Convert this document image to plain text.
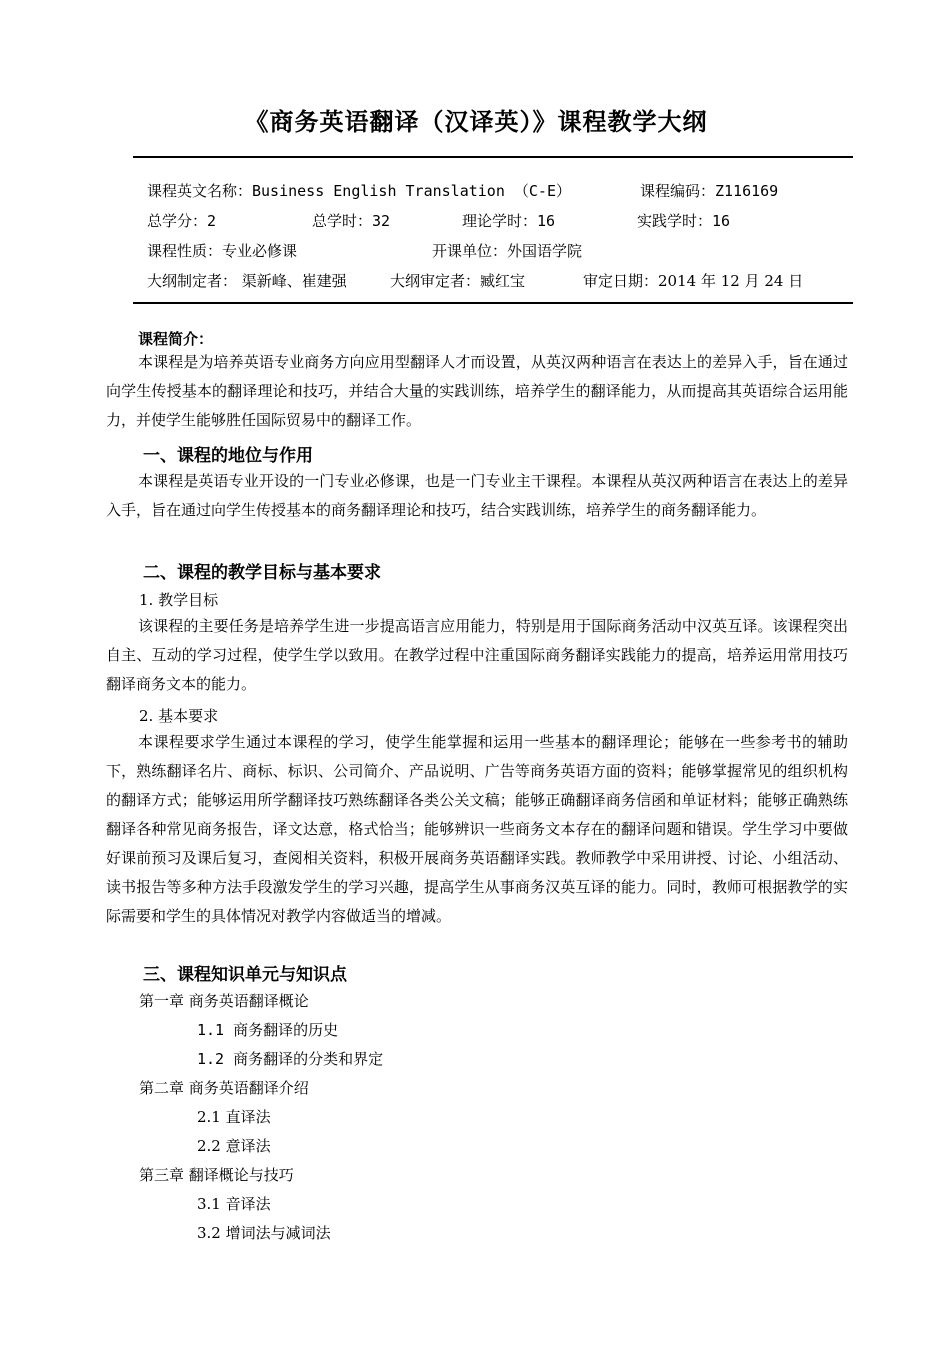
《商务英语翻译（汉译英）》课程教学大纲
课程英文名称：Business English Translation （C-E）	课程编码：Z116169
总学分：2	总学时：32	理论学时：16	实践学时：16
课程性质：专业必修课	开课单位：外国语学院
大纲制定者： 渠新峰、崔建强	大纲审定者：臧红宝	审定日期：2014 年 12 月 24 日
课程简介：

本课程是为培养英语专业商务方向应用型翻译人才而设置，从英汉两种语言在表达上的差异入手，旨在通过向学生传授基本的翻译理论和技巧，并结合大量的实践训练，培养学生的翻译能力，从而提高其英语综合运用能力，并使学生能够胜任国际贸易中的翻译工作。

一、课程的地位与作用

本课程是英语专业开设的一门专业必修课，也是一门专业主干课程。本课程从英汉两种语言在表达上的差异入手，旨在通过向学生传授基本的商务翻译理论和技巧，结合实践训练，培养学生的商务翻译能力。

二、课程的教学目标与基本要求
1. 教学目标

该课程的主要任务是培养学生进一步提高语言应用能力，特别是用于国际商务活动中汉英互译。该课程突出自主、互动的学习过程，使学生学以致用。在教学过程中注重国际商务翻译实践能力的提高，培养运用常用技巧翻译商务文本的能力。

2. 基本要求

本课程要求学生通过本课程的学习，使学生能掌握和运用一些基本的翻译理论；能够在一些参考书的辅助下，熟练翻译名片、商标、标识、公司简介、产品说明、广告等商务英语方面的资料；能够掌握常见的组织机构的翻译方式；能够运用所学翻译技巧熟练翻译各类公关文稿；能够正确翻译商务信函和单证材料；能够正确熟练翻译各种常见商务报告，译文达意，格式恰当；能够辨识一些商务文本存在的翻译问题和错误。学生学习中要做好课前预习及课后复习，查阅相关资料，积极开展商务英语翻译实践。教师教学中采用讲授、讨论、小组活动、读书报告等多种方法手段激发学生的学习兴趣，提高学生从事商务汉英互译的能力。同时，教师可根据教学的实际需要和学生的具体情况对教学内容做适当的增减。

三、课程知识单元与知识点
第一章 商务英语翻译概论
1.1 商务翻译的历史
1.2 商务翻译的分类和界定
第二章 商务英语翻译介绍
2.1 直译法
2.2 意译法
第三章 翻译概论与技巧
3.1 音译法
3.2 增词法与减词法
